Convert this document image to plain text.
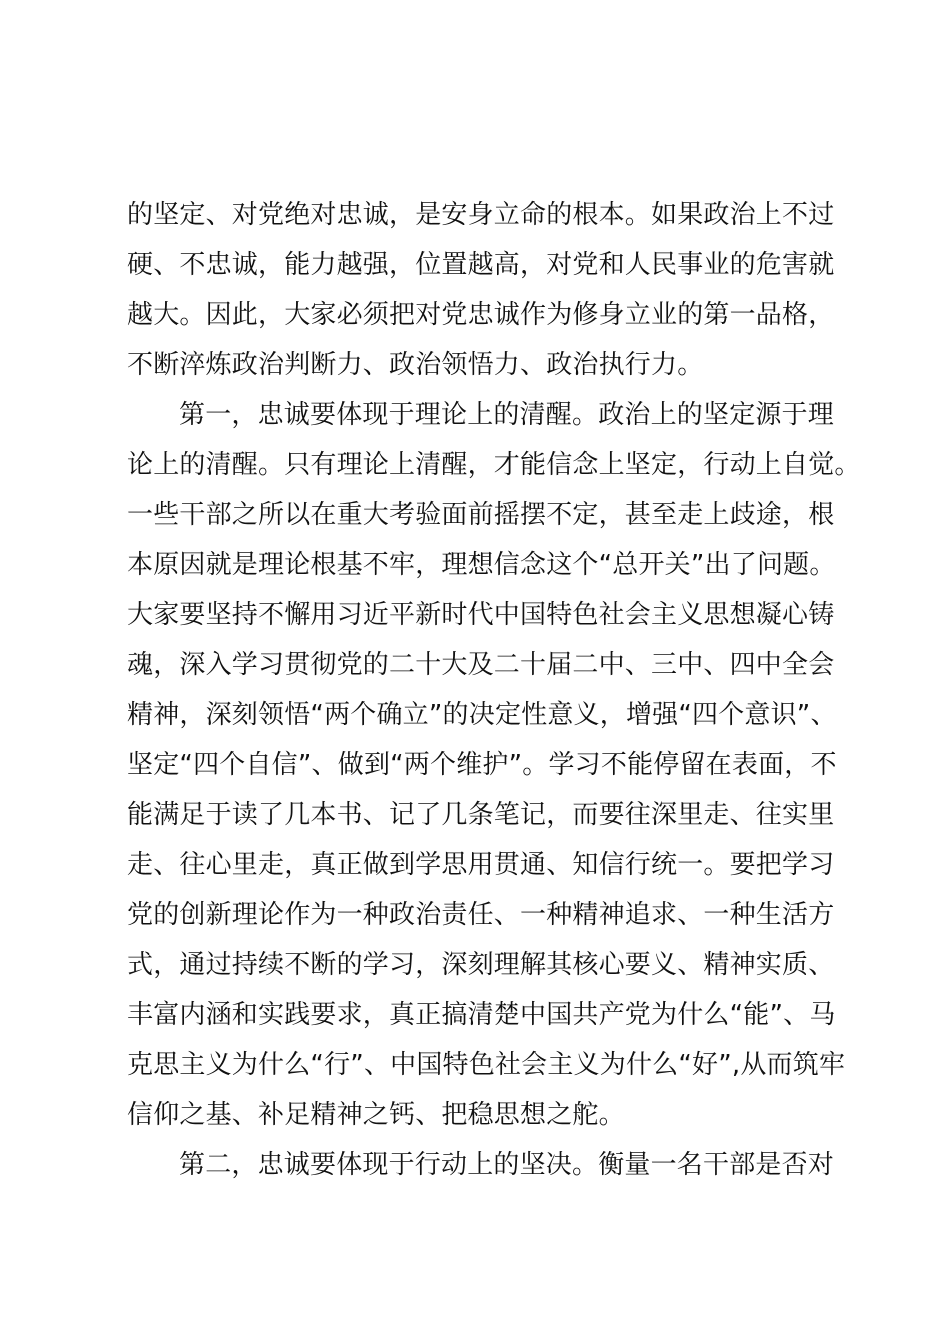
的坚定、对党绝对忠诚，是安身立命的根本。如果政治上不过
硬、不忠诚，能力越强，位置越高，对党和人民事业的危害就
越大。因此，大家必须把对党忠诚作为修身立业的第一品格，
不断淬炼政治判断力、政治领悟力、政治执行力。
第一，忠诚要体现于理论上的清醒。政治上的坚定源于理
论上的清醒。只有理论上清醒，才能信念上坚定，行动上自觉。
一些干部之所以在重大考验面前摇摆不定，甚至走上歧途，根
本原因就是理论根基不牢，理想信念这个“总开关”出了问题。
大家要坚持不懈用习近平新时代中国特色社会主义思想凝心铸
魂，深入学习贯彻党的二十大及二十届二中、三中、四中全会
精神，深刻领悟“两个确立”的决定性意义，增强“四个意识”、
坚定“四个自信”、做到“两个维护”。学习不能停留在表面，不
能满足于读了几本书、记了几条笔记，而要往深里走、往实里
走、往心里走，真正做到学思用贯通、知信行统一。要把学习
党的创新理论作为一种政治责任、一种精神追求、一种生活方
式，通过持续不断的学习，深刻理解其核心要义、精神实质、
丰富内涵和实践要求，真正搞清楚中国共产党为什么“能”、马
克思主义为什么“行”、中国特色社会主义为什么“好”,从而筑牢
信仰之基、补足精神之钙、把稳思想之舵。
第二，忠诚要体现于行动上的坚决。衡量一名干部是否对
